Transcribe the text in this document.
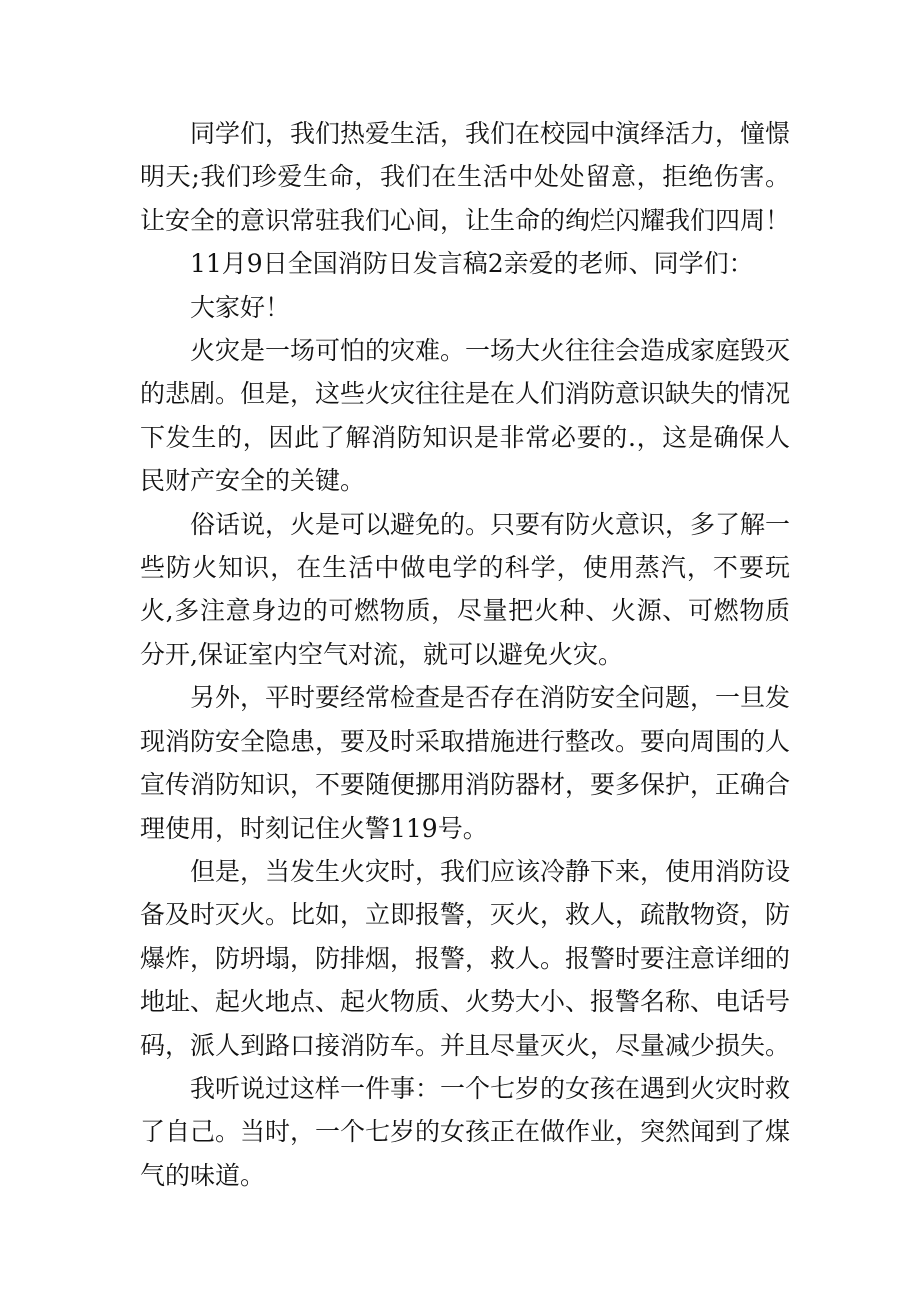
同学们，我们热爱生活，我们在校园中演绎活力，憧憬明天;我们珍爱生命，我们在生活中处处留意，拒绝伤害。让安全的意识常驻我们心间，让生命的绚烂闪耀我们四周！

11月9日全国消防日发言稿2亲爱的老师、同学们：

大家好！

火灾是一场可怕的灾难。一场大火往往会造成家庭毁灭的悲剧。但是，这些火灾往往是在人们消防意识缺失的情况下发生的，因此了解消防知识是非常必要的.，这是确保人民财产安全的关键。

俗话说，火是可以避免的。只要有防火意识，多了解一些防火知识，在生活中做电学的科学，使用蒸汽，不要玩火,多注意身边的可燃物质，尽量把火种、火源、可燃物质分开,保证室内空气对流，就可以避免火灾。

另外，平时要经常检查是否存在消防安全问题，一旦发现消防安全隐患，要及时采取措施进行整改。要向周围的人宣传消防知识，不要随便挪用消防器材，要多保护，正确合理使用，时刻记住火警119号。

但是，当发生火灾时，我们应该冷静下来，使用消防设备及时灭火。比如，立即报警，灭火，救人，疏散物资，防爆炸，防坍塌，防排烟，报警，救人。报警时要注意详细的地址、起火地点、起火物质、火势大小、报警名称、电话号码，派人到路口接消防车。并且尽量灭火，尽量减少损失。

我听说过这样一件事：一个七岁的女孩在遇到火灾时救了自己。当时，一个七岁的女孩正在做作业，突然闻到了煤气的味道。
